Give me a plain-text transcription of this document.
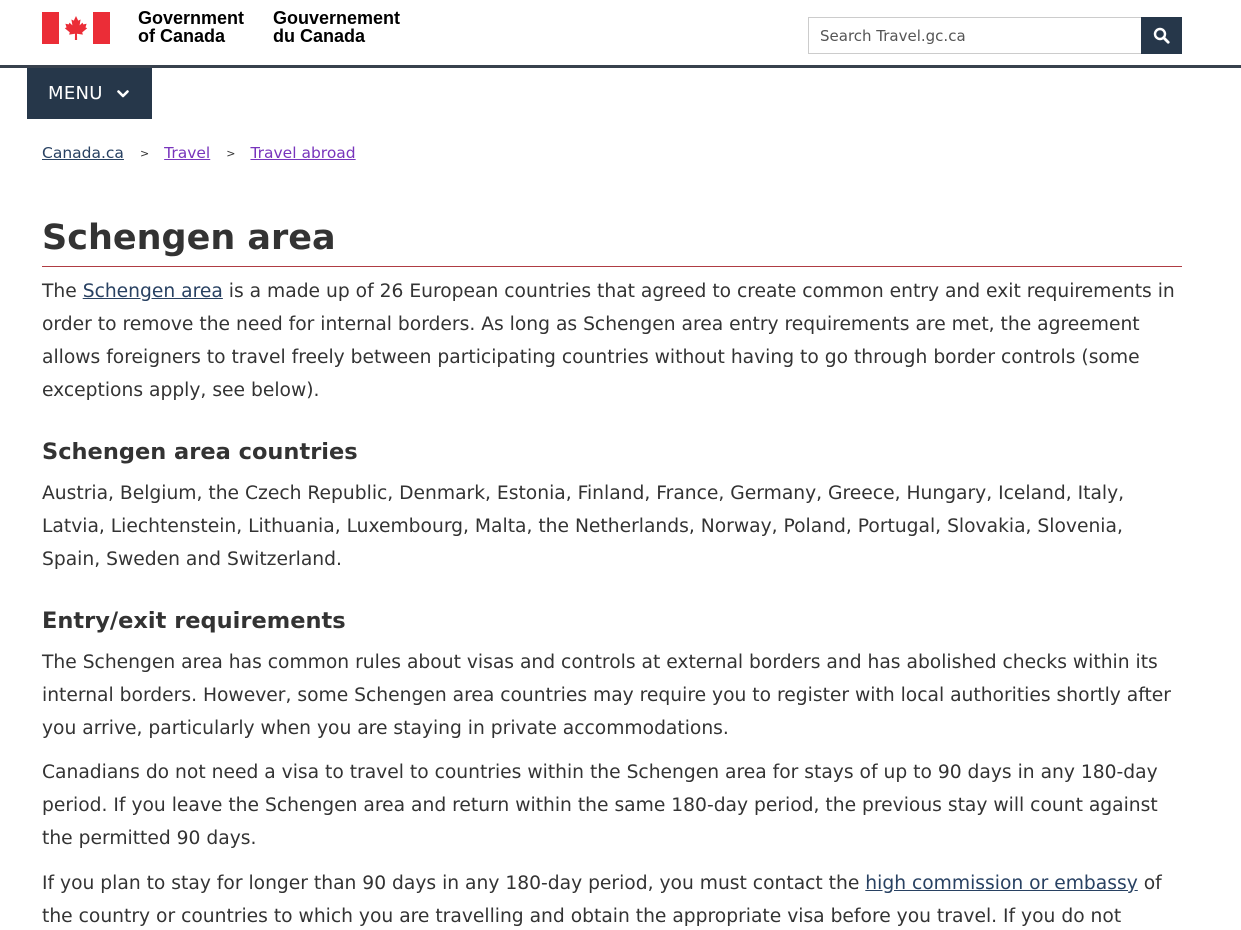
Government
of Canada
Gouvernement
du Canada
Search Travel.gc.ca
MENU
Canada.ca > Travel > Travel abroad
Schengen area

The Schengen area is a made up of 26 European countries that agreed to create common entry and exit requirements in order to remove the need for internal borders. As long as Schengen area entry requirements are met, the agreement allows foreigners to travel freely between participating countries without having to go through border controls (some exceptions apply, see below).

Schengen area countries

Austria, Belgium, the Czech Republic, Denmark, Estonia, Finland, France, Germany, Greece, Hungary, Iceland, Italy, Latvia, Liechtenstein, Lithuania, Luxembourg, Malta, the Netherlands, Norway, Poland, Portugal, Slovakia, Slovenia, Spain, Sweden and Switzerland.

Entry/exit requirements

The Schengen area has common rules about visas and controls at external borders and has abolished checks within its internal borders. However, some Schengen area countries may require you to register with local authorities shortly after you arrive, particularly when you are staying in private accommodations.

Canadians do not need a visa to travel to countries within the Schengen area for stays of up to 90 days in any 180-day period. If you leave the Schengen area and return within the same 180-day period, the previous stay will count against the permitted 90 days.

If you plan to stay for longer than 90 days in any 180-day period, you must contact the high commission or embassy of the country or countries to which you are travelling and obtain the appropriate visa before you travel. If you do not
